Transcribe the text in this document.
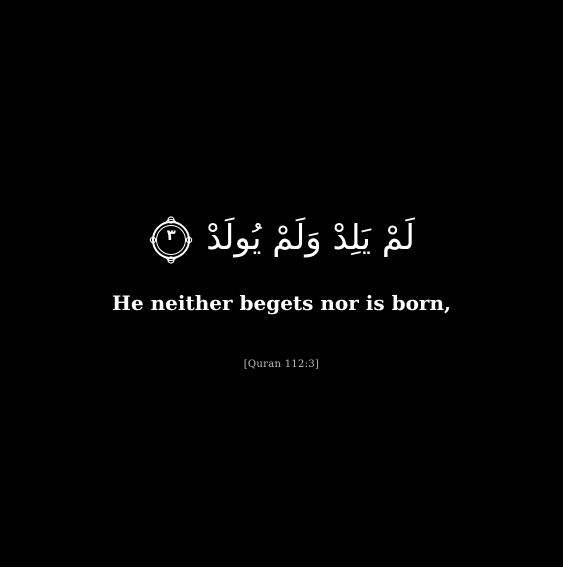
٣ لَمْ يَلِدْ وَلَمْ يُولَدْ
He neither begets nor is born,
[Quran 112:3]
